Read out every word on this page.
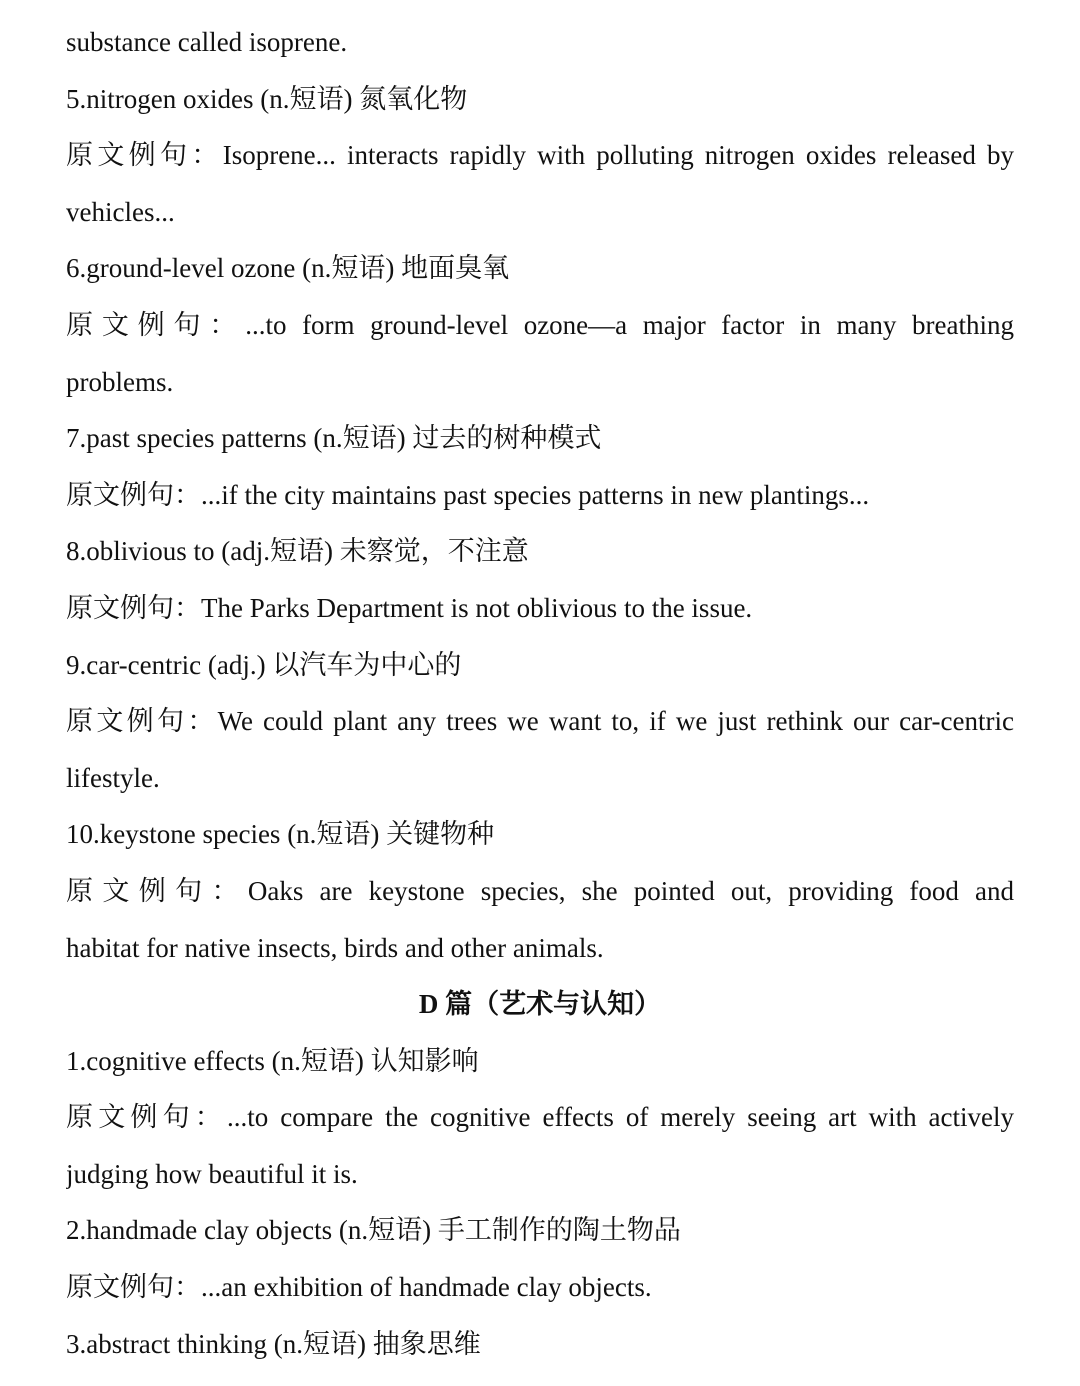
substance called isoprene.
5.nitrogen oxides (n.短语) 氮氧化物
原文例句：Isoprene... interacts rapidly with polluting nitrogen oxides released by
vehicles...
6.ground-level ozone (n.短语) 地面臭氧
原文例句：...to form ground-level ozone—a major factor in many breathing
problems.
7.past species patterns (n.短语) 过去的树种模式
原文例句：...if the city maintains past species patterns in new plantings...
8.oblivious to (adj.短语) 未察觉，不注意
原文例句：The Parks Department is not oblivious to the issue.
9.car-centric (adj.) 以汽车为中心的
原文例句：We could plant any trees we want to, if we just rethink our car-centric
lifestyle.
10.keystone species (n.短语) 关键物种
原文例句：Oaks are keystone species, she pointed out, providing food and
habitat for native insects, birds and other animals.
D 篇（艺术与认知）
1.cognitive effects (n.短语) 认知影响
原文例句：...to compare the cognitive effects of merely seeing art with actively
judging how beautiful it is.
2.handmade clay objects (n.短语) 手工制作的陶土物品
原文例句：...an exhibition of handmade clay objects.
3.abstract thinking (n.短语) 抽象思维
